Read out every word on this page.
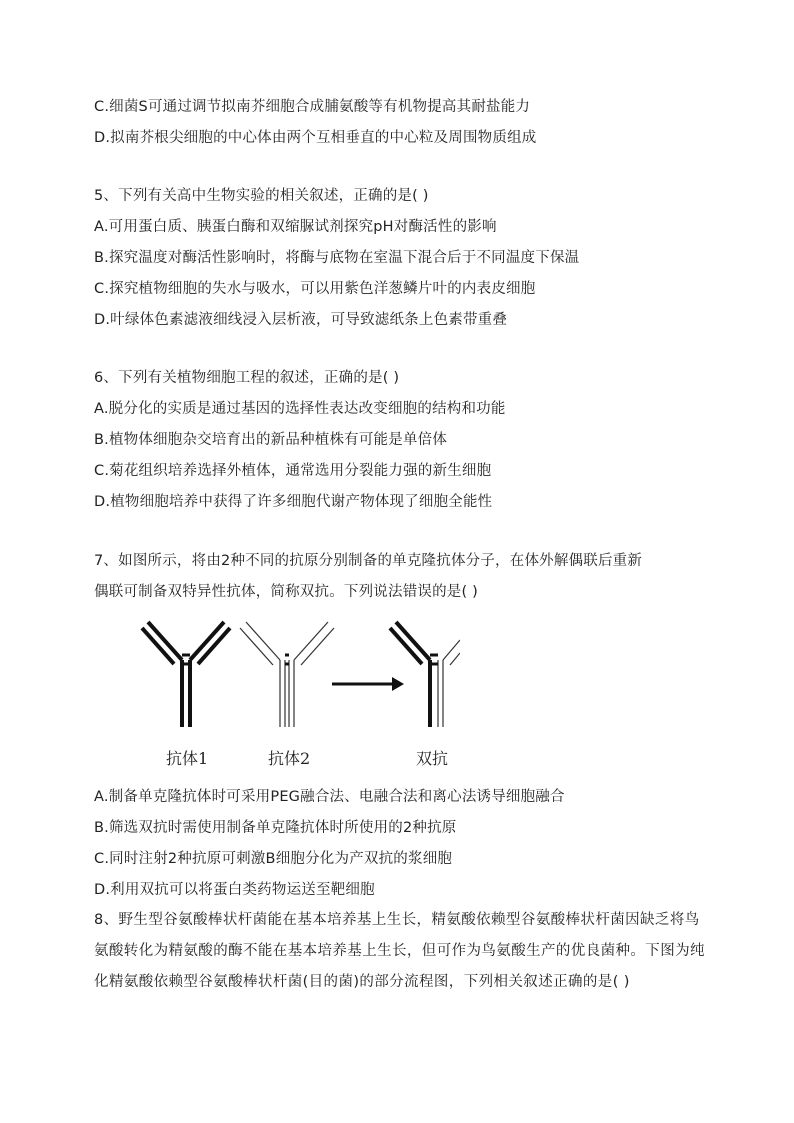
C.细菌S可通过调节拟南芥细胞合成脯氨酸等有机物提高其耐盐能力
D.拟南芥根尖细胞的中心体由两个互相垂直的中心粒及周围物质组成
5、下列有关高中生物实验的相关叙述，正确的是( )
A.可用蛋白质、胰蛋白酶和双缩脲试剂探究pH对酶活性的影响
B.探究温度对酶活性影响时，将酶与底物在室温下混合后于不同温度下保温
C.探究植物细胞的失水与吸水，可以用紫色洋葱鳞片叶的内表皮细胞
D.叶绿体色素滤液细线浸入层析液，可导致滤纸条上色素带重叠
6、下列有关植物细胞工程的叙述，正确的是( )
A.脱分化的实质是通过基因的选择性表达改变细胞的结构和功能
B.植物体细胞杂交培育出的新品种植株有可能是单倍体
C.菊花组织培养选择外植体，通常选用分裂能力强的新生细胞
D.植物细胞培养中获得了许多细胞代谢产物体现了细胞全能性
7、如图所示，将由2种不同的抗原分别制备的单克隆抗体分子，在体外解偶联后重新
偶联可制备双特异性抗体，简称双抗。下列说法错误的是( )
抗体1	抗体2	双抗
A.制备单克隆抗体时可采用PEG融合法、电融合法和离心法诱导细胞融合
B.筛选双抗时需使用制备单克隆抗体时所使用的2种抗原
C.同时注射2种抗原可刺激B细胞分化为产双抗的浆细胞
D.利用双抗可以将蛋白类药物运送至靶细胞
8、野生型谷氨酸棒状杆菌能在基本培养基上生长，精氨酸依赖型谷氨酸棒状杆菌因缺乏将鸟氨酸转化为精氨酸的酶不能在基本培养基上生长，但可作为鸟氨酸生产的优良菌种。下图为纯化精氨酸依赖型谷氨酸棒状杆菌(目的菌)的部分流程图，下列相关叙述正确的是( )
